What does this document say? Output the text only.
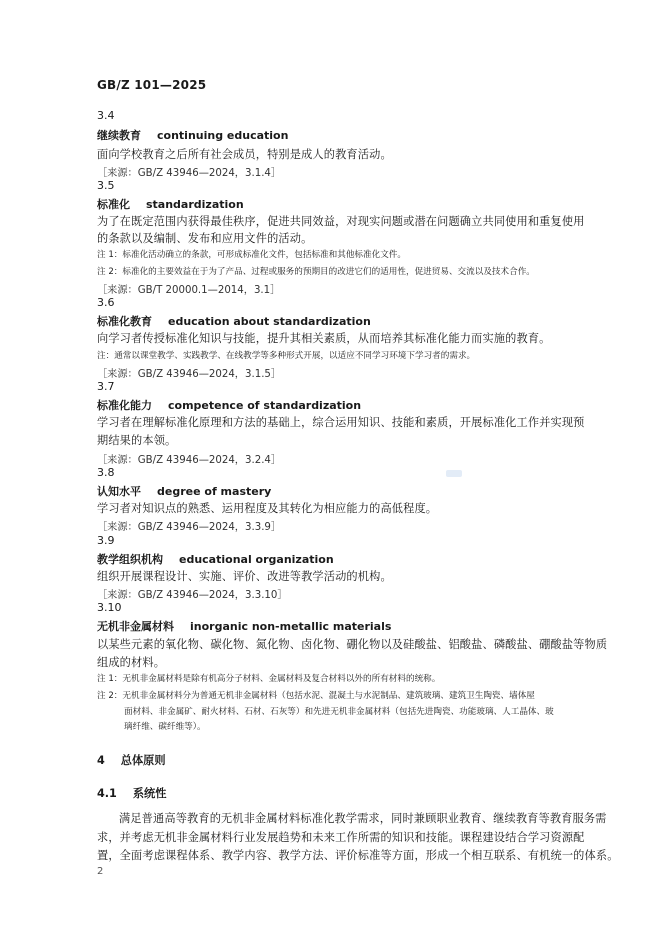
GB/Z 101—2025
3.4
继续教育 continuing education
面向学校教育之后所有社会成员，特别是成人的教育活动。
［来源：GB/Z 43946—2024，3.1.4］
3.5
标准化 standardization
为了在既定范围内获得最佳秩序，促进共同效益，对现实问题或潜在问题确立共同使用和重复使用
的条款以及编制、发布和应用文件的活动。
注 1：标准化活动确立的条款，可形成标准化文件，包括标准和其他标准化文件。
注 2：标准化的主要效益在于为了产品、过程或服务的预期目的改进它们的适用性，促进贸易、交流以及技术合作。
［来源：GB/T 20000.1—2014，3.1］
3.6
标准化教育 education about standardization
向学习者传授标准化知识与技能，提升其相关素质，从而培养其标准化能力而实施的教育。
注：通常以课堂教学、实践教学、在线教学等多种形式开展，以适应不同学习环境下学习者的需求。
［来源：GB/Z 43946—2024，3.1.5］
3.7
标准化能力 competence of standardization
学习者在理解标准化原理和方法的基础上，综合运用知识、技能和素质，开展标准化工作并实现预
期结果的本领。
［来源：GB/Z 43946—2024，3.2.4］
3.8
认知水平 degree of mastery
学习者对知识点的熟悉、运用程度及其转化为相应能力的高低程度。
［来源：GB/Z 43946—2024，3.3.9］
3.9
教学组织机构 educational organization
组织开展课程设计、实施、评价、改进等教学活动的机构。
［来源：GB/Z 43946—2024，3.3.10］
3.10
无机非金属材料 inorganic non-metallic materials
以某些元素的氧化物、碳化物、氮化物、卤化物、硼化物以及硅酸盐、铝酸盐、磷酸盐、硼酸盐等物质
组成的材料。
注 1：无机非金属材料是除有机高分子材料、金属材料及复合材料以外的所有材料的统称。
注 2：无机非金属材料分为普通无机非金属材料（包括水泥、混凝土与水泥制品、建筑玻璃、建筑卫生陶瓷、墙体屋
面材料、非金属矿、耐火材料、石材、石灰等）和先进无机非金属材料（包括先进陶瓷、功能玻璃、人工晶体、玻
璃纤维、碳纤维等）。
4 总体原则
4.1 系统性
满足普通高等教育的无机非金属材料标准化教学需求，同时兼顾职业教育、继续教育等教育服务需
求，并考虑无机非金属材料行业发展趋势和未来工作所需的知识和技能。课程建设结合学习资源配
置，全面考虑课程体系、教学内容、教学方法、评价标准等方面，形成一个相互联系、有机统一的体系。
2
